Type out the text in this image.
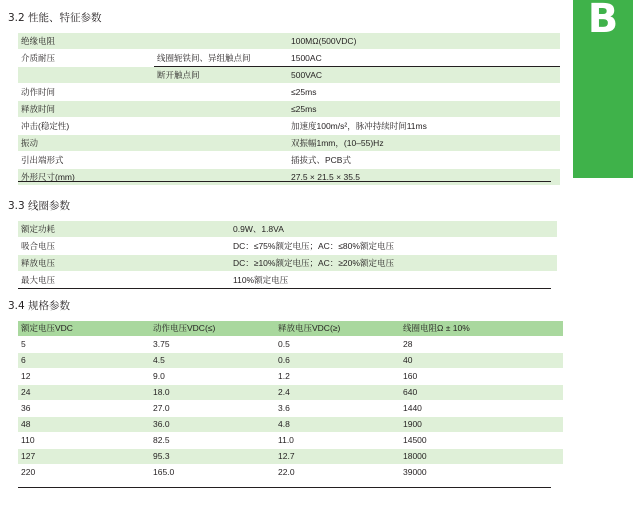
B
3.2 性能、特征参数
绝缘电阻		100MΩ(500VDC)
介质耐压	线圈轭铁间、异组触点间	1500AC
	断开触点间	500VAC
动作时间		≤25ms
释放时间		≤25ms
冲击(稳定性)		加速度100m/s²，脉冲持续时间11ms
振动		双振幅1mm，(10–55)Hz
引出端形式		插拔式、PCB式
外形尺寸(mm)		27.5 × 21.5 × 35.5
3.3 线圈参数
额定功耗	0.9W、1.8VA
吸合电压	DC：≤75%额定电压；AC：≤80%额定电压
释放电压	DC：≥10%额定电压；AC：≥20%额定电压
最大电压	110%额定电压
3.4 规格参数
额定电压VDC	动作电压VDC(≤)	释放电压VDC(≥)	线圈电阻Ω ± 10%
5	3.75	0.5	28
6	4.5	0.6	40
12	9.0	1.2	160
24	18.0	2.4	640
36	27.0	3.6	1440
48	36.0	4.8	1900
110	82.5	11.0	14500
127	95.3	12.7	18000
220	165.0	22.0	39000
